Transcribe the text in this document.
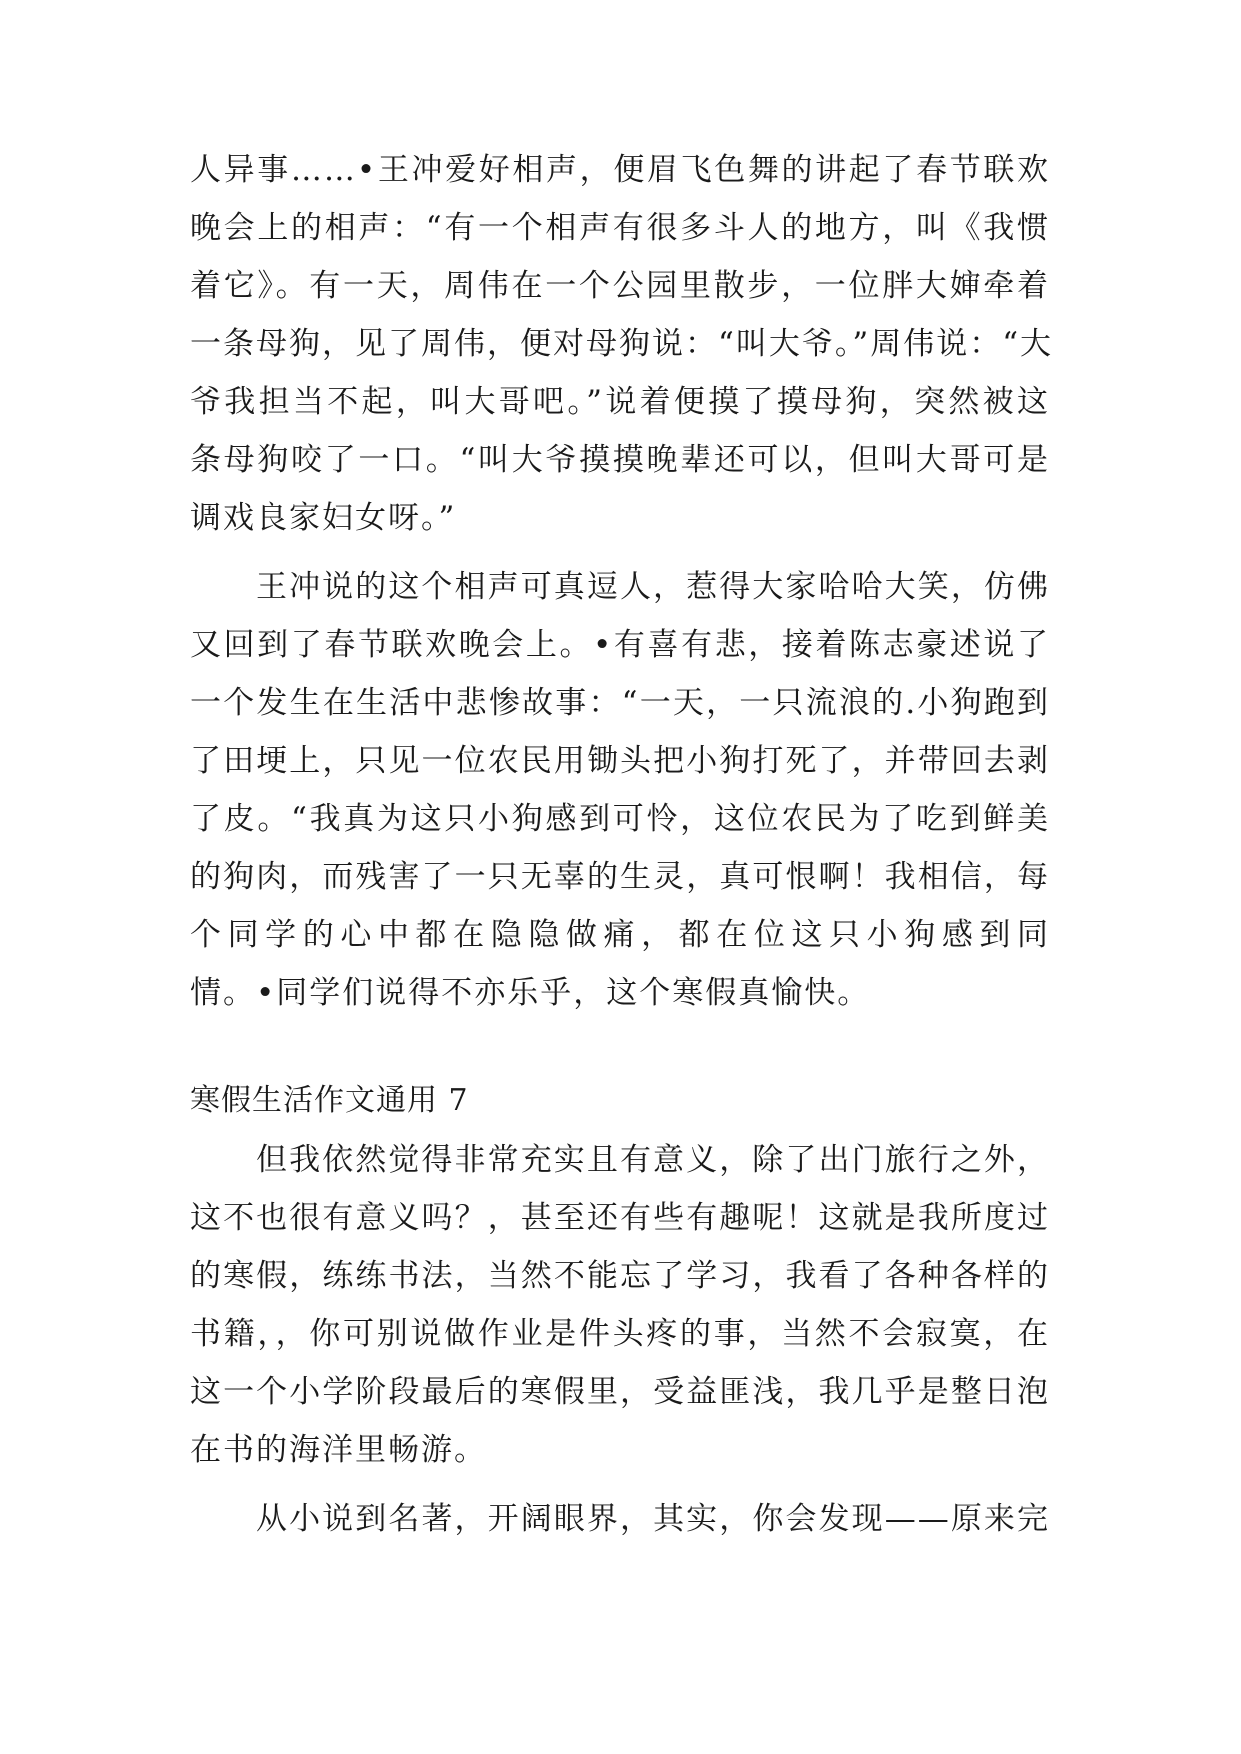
人异事……•王冲爱好相声，便眉飞色舞的讲起了春节联欢
晚会上的相声：“有一个相声有很多斗人的地方，叫《我惯
着它》。有一天，周伟在一个公园里散步，一位胖大婶牵着
一条母狗，见了周伟，便对母狗说：“叫大爷。”周伟说：“大
爷我担当不起，叫大哥吧。”说着便摸了摸母狗，突然被这
条母狗咬了一口。“叫大爷摸摸晚辈还可以，但叫大哥可是
调戏良家妇女呀。”
王冲说的这个相声可真逗人，惹得大家哈哈大笑，仿佛
又回到了春节联欢晚会上。•有喜有悲，接着陈志豪述说了
一个发生在生活中悲惨故事：“一天，一只流浪的.小狗跑到
了田埂上，只见一位农民用锄头把小狗打死了，并带回去剥
了皮。“我真为这只小狗感到可怜，这位农民为了吃到鲜美
的狗肉，而残害了一只无辜的生灵，真可恨啊！我相信，每
个同学的心中都在隐隐做痛，都在位这只小狗感到同
情。•同学们说得不亦乐乎，这个寒假真愉快。
寒假生活作文通用 7
但我依然觉得非常充实且有意义，除了出门旅行之外，
这不也很有意义吗？，甚至还有些有趣呢！这就是我所度过
的寒假，练练书法，当然不能忘了学习，我看了各种各样的
书籍，，你可别说做作业是件头疼的事，当然不会寂寞，在
这一个小学阶段最后的寒假里，受益匪浅，我几乎是整日泡
在书的海洋里畅游。
从小说到名著，开阔眼界，其实，你会发现——原来完
